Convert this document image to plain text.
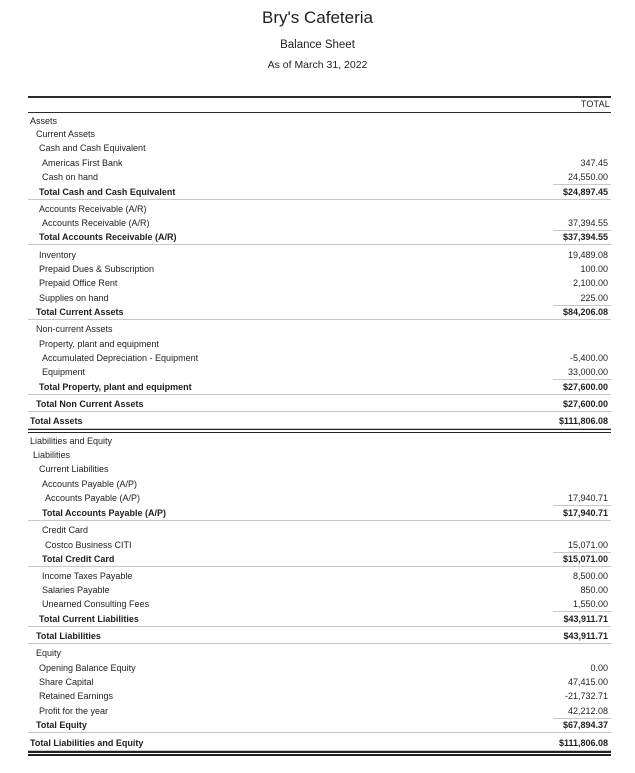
Bry's Cafeteria
Balance Sheet
As of March 31, 2022
TOTAL
Assets
Current Assets
Cash and Cash Equivalent
Americas First Bank	347.45
Cash on hand	24,550.00
Total Cash and Cash Equivalent	$24,897.45
Accounts Receivable (A/R)
Accounts Receivable (A/R)	37,394.55
Total Accounts Receivable (A/R)	$37,394.55
Inventory	19,489.08
Prepaid Dues & Subscription	100.00
Prepaid Office Rent	2,100.00
Supplies on hand	225.00
Total Current Assets	$84,206.08
Non-current Assets
Property, plant and equipment
Accumulated Depreciation - Equipment	-5,400.00
Equipment	33,000.00
Total Property, plant and equipment	$27,600.00
Total Non Current Assets	$27,600.00
Total Assets	$111,806.08
Liabilities and Equity
Liabilities
Current Liabilities
Accounts Payable (A/P)
Accounts Payable (A/P)	17,940.71
Total Accounts Payable (A/P)	$17,940.71
Credit Card
Costco Business CITI	15,071.00
Total Credit Card	$15,071.00
Income Taxes Payable	8,500.00
Salaries Payable	850.00
Unearned Consulting Fees	1,550.00
Total Current Liabilities	$43,911.71
Total Liabilities	$43,911.71
Equity
Opening Balance Equity	0.00
Share Capital	47,415.00
Retained Earnings	-21,732.71
Profit for the year	42,212.08
Total Equity	$67,894.37
Total Liabilities and Equity	$111,806.08
